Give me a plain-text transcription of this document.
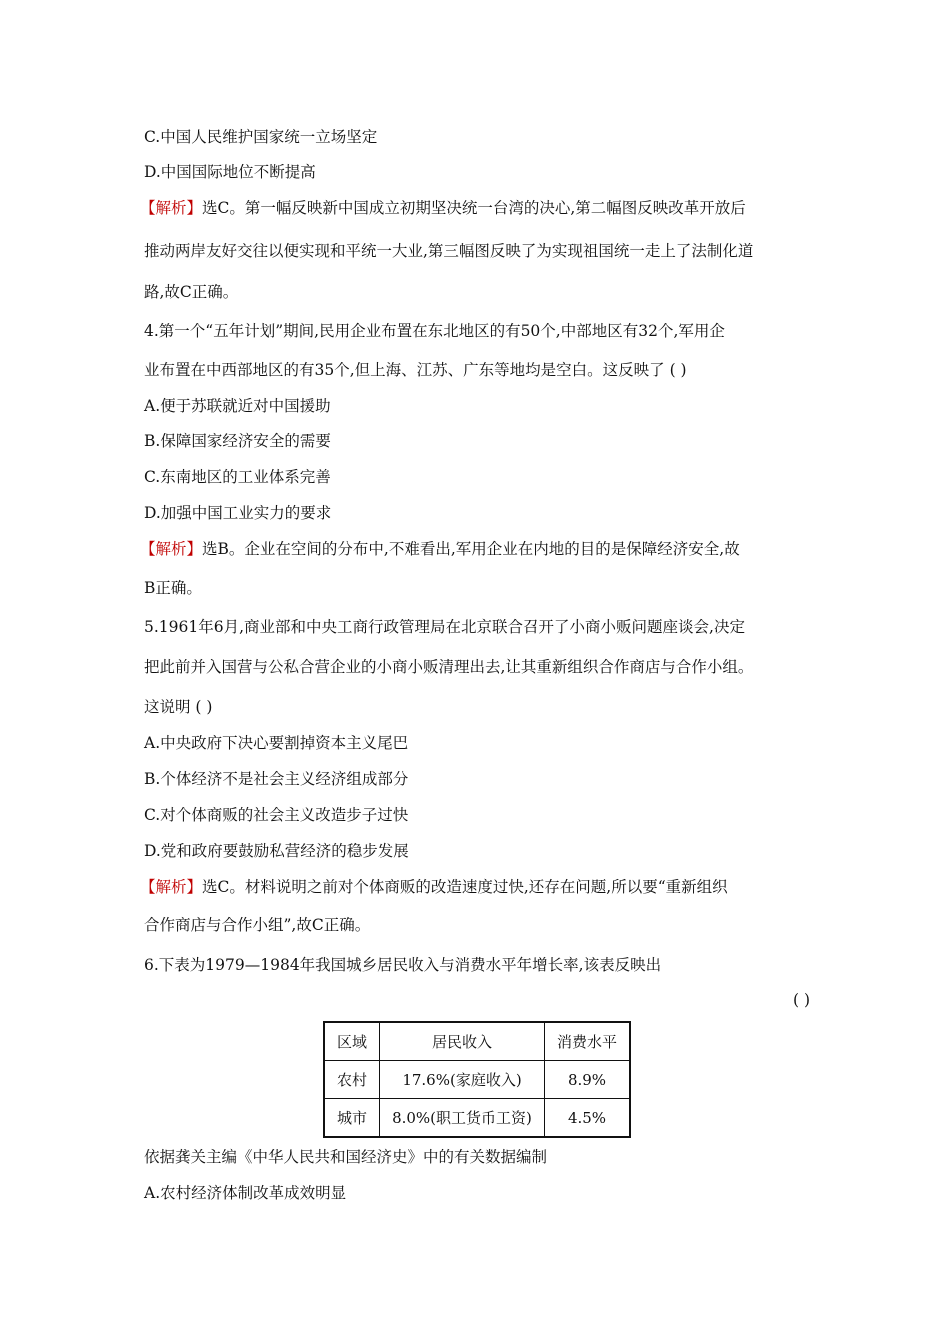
C.中国人民维护国家统一立场坚定
D.中国国际地位不断提高
【解析】选C。第一幅反映新中国成立初期坚决统一台湾的决心,第二幅图反映改革开放后
推动两岸友好交往以便实现和平统一大业,第三幅图反映了为实现祖国统一走上了法制化道
路,故C正确。
4.第一个“五年计划”期间,民用企业布置在东北地区的有50个,中部地区有32个,军用企
业布置在中西部地区的有35个,但上海、江苏、广东等地均是空白。这反映了 ( )
A.便于苏联就近对中国援助
B.保障国家经济安全的需要
C.东南地区的工业体系完善
D.加强中国工业实力的要求
【解析】选B。企业在空间的分布中,不难看出,军用企业在内地的目的是保障经济安全,故
B正确。
5.1961年6月,商业部和中央工商行政管理局在北京联合召开了小商小贩问题座谈会,决定
把此前并入国营与公私合营企业的小商小贩清理出去,让其重新组织合作商店与合作小组。
这说明 ( )
A.中央政府下决心要割掉资本主义尾巴
B.个体经济不是社会主义经济组成部分
C.对个体商贩的社会主义改造步子过快
D.党和政府要鼓励私营经济的稳步发展
【解析】选C。材料说明之前对个体商贩的改造速度过快,还存在问题,所以要“重新组织
合作商店与合作小组”,故C正确。
6.下表为1979—1984年我国城乡居民收入与消费水平年增长率,该表反映出
( )
区域	居民收入	消费水平
农村	17.6%(家庭收入)	8.9%
城市	8.0%(职工货币工资)	4.5%
依据龚关主编《中华人民共和国经济史》中的有关数据编制
A.农村经济体制改革成效明显
